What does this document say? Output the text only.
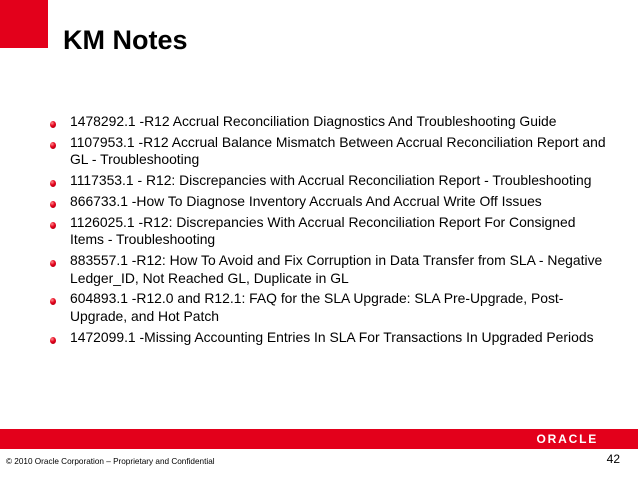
KM Notes
1478292.1 -R12 Accrual Reconciliation Diagnostics And Troubleshooting Guide
1107953.1 -R12 Accrual Balance Mismatch Between Accrual Reconciliation Report and GL - Troubleshooting
1117353.1 - R12: Discrepancies with Accrual Reconciliation Report - Troubleshooting
866733.1 -How To Diagnose Inventory Accruals And Accrual Write Off Issues
1126025.1 -R12: Discrepancies With Accrual Reconciliation Report For Consigned Items - Troubleshooting
883557.1 -R12: How To Avoid and Fix Corruption in Data Transfer from SLA - Negative Ledger_ID, Not Reached GL, Duplicate in GL
604893.1 -R12.0 and R12.1: FAQ for the SLA Upgrade: SLA Pre-Upgrade, Post-Upgrade, and Hot Patch
1472099.1 -Missing Accounting Entries In SLA For Transactions In Upgraded Periods
ORACLE
© 2010 Oracle Corporation – Proprietary and Confidential	42
